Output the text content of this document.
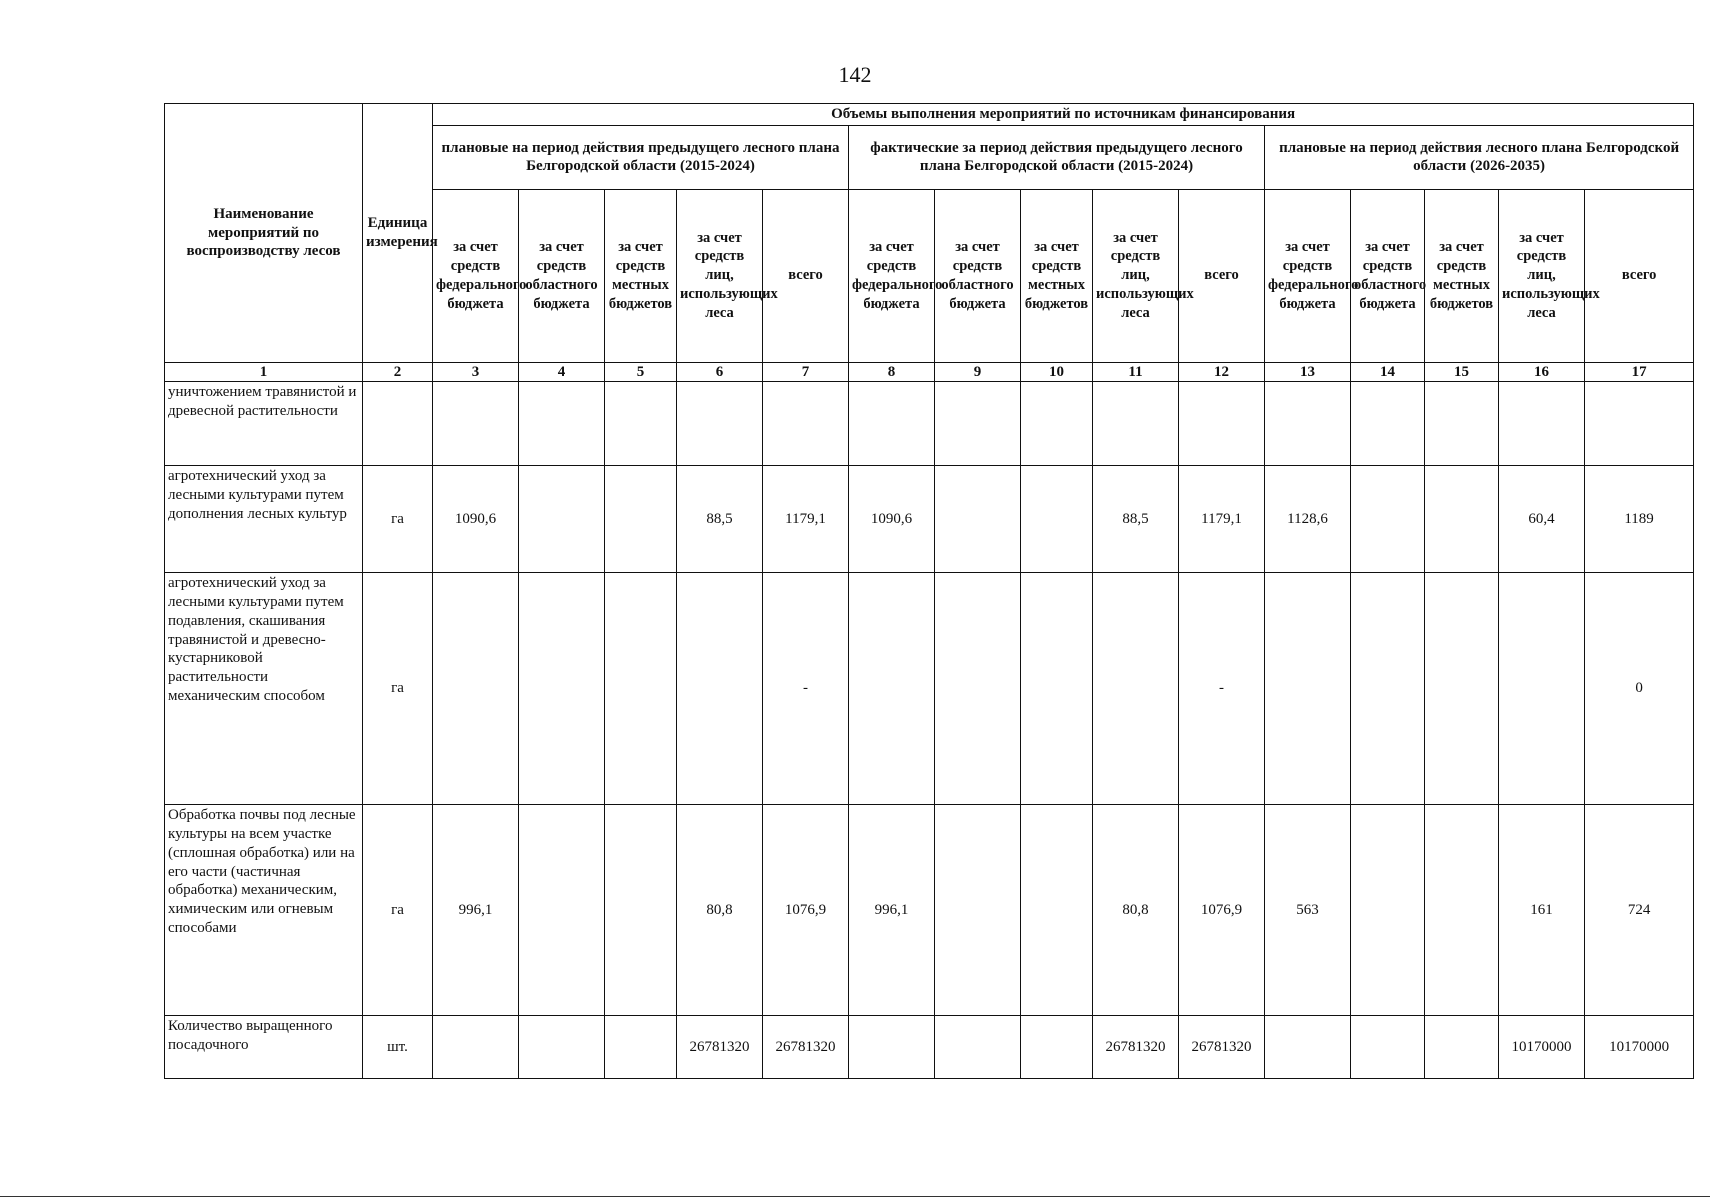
142
Наименование мероприятий по воспроизводству лесов	Единица измерения	Объемы выполнения мероприятий по источникам финансирования														
		плановые на период действия предыдущего лесного плана Белгородской области (2015-2024)					фактические за период действия предыдущего лесного плана Белгородской области (2015-2024)					плановые на период действия лесного плана Белгородской области (2026-2035)				
		за счет средств федерального бюджета	за счет средств областного бюджета	за счет средств местных бюджетов	за счет средств лиц, использующих леса	всего	за счет средств федерального бюджета	за счет средств областного бюджета	за счет средств местных бюджетов	за счет средств лиц, использующих леса	всего	за счет средств федерального бюджета	за счет средств областного бюджета	за счет средств местных бюджетов	за счет средств лиц, использующих леса	всего
1	2	3	4	5	6	7	8	9	10	11	12	13	14	15	16	17
уничтожением травянистой и древесной растительности																
агротехнический уход за лесными культурами путем дополнения лесных культур	га	1090,6			88,5	1179,1	1090,6			88,5	1179,1	1128,6			60,4	1189
агротехнический уход за лесными культурами путем подавления, скашивания травянистой и древесно-кустарниковой растительности механическим способом	га					-					-					0
Обработка почвы под лесные культуры на всем участке (сплошная обработка) или на его части (частичная обработка) механическим, химическим или огневым способами	га	996,1			80,8	1076,9	996,1			80,8	1076,9	563			161	724
Количество выращенного посадочного	шт.				26781320	26781320				26781320	26781320				10170000	10170000
